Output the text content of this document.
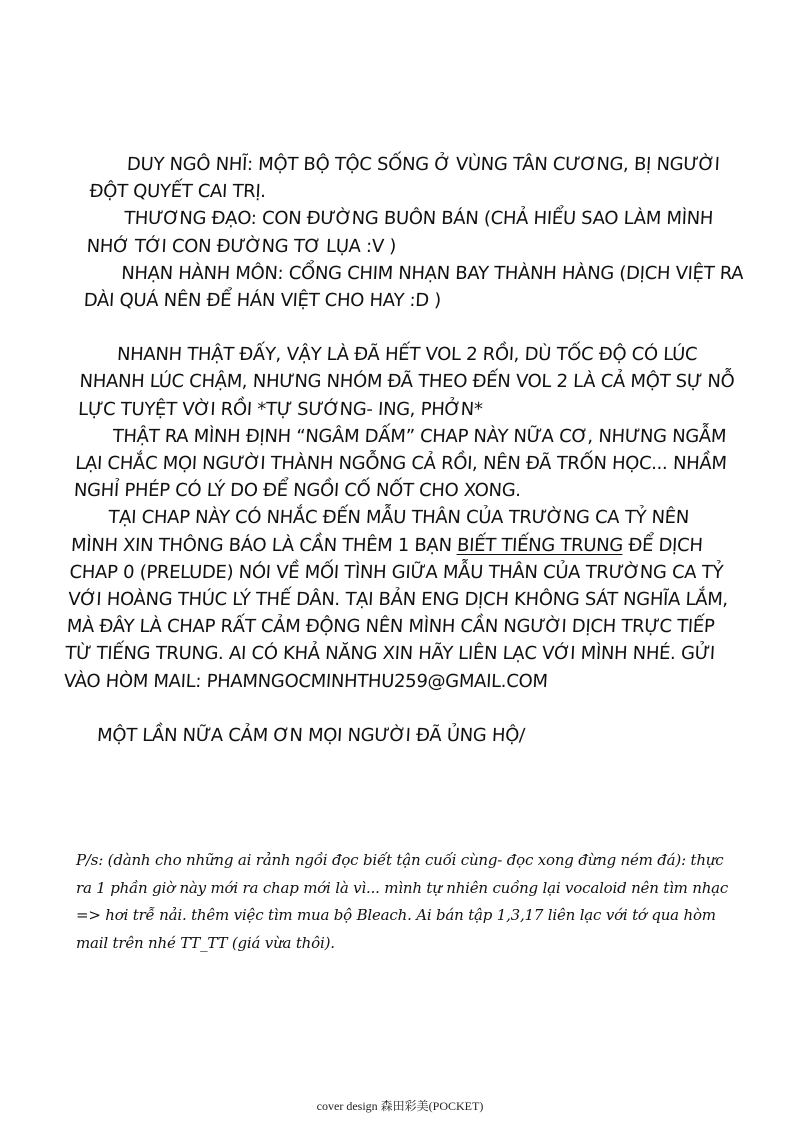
DUY NGÔ NHĨ: MỘT BỘ TỘC SỐNG Ở VÙNG TÂN CƯƠNG, BỊ NGƯỜI ĐỘT QUYẾT CAI TRỊ.

THƯƠNG ĐẠO: CON ĐƯỜNG BUÔN BÁN (CHẢ HIỂU SAO LÀM MÌNH NHỚ TỚI CON ĐƯỜNG TƠ LỤA :V )

NHẠN HÀNH MÔN: CỔNG CHIM NHẠN BAY THÀNH HÀNG (DỊCH VIỆT RA DÀI QUÁ NÊN ĐỂ HÁN VIỆT CHO HAY :D )

NHANH THẬT ĐẤY, VẬY LÀ ĐÃ HẾT VOL 2 RỒI, DÙ TỐC ĐỘ CÓ LÚC NHANH LÚC CHẬM, NHƯNG NHÓM ĐÃ THEO ĐẾN VOL 2 LÀ CẢ MỘT SỰ NỖ LỰC TUYỆT VỜI RỒI *TỰ SƯỚNG- ING, PHỞN*

THẬT RA MÌNH ĐỊNH “NGÂM DẤM” CHAP NÀY NỮA CƠ, NHƯNG NGẪM LẠI CHẮC MỌI NGƯỜI THÀNH NGỖNG CẢ RỒI, NÊN ĐÃ TRỐN HỌC... NHẦM NGHỈ PHÉP CÓ LÝ DO ĐỂ NGỒI CỐ NỐT CHO XONG.

TẠI CHAP NÀY CÓ NHẮC ĐẾN MẪU THÂN CỦA TRƯỜNG CA TỶ NÊN MÌNH XIN THÔNG BÁO LÀ CẦN THÊM 1 BẠN BIẾT TIẾNG TRUNG ĐỂ DỊCH CHAP 0 (PRELUDE) NÓI VỀ MỐI TÌNH GIỮA MẪU THÂN CỦA TRƯỜNG CA TỶ VỚI HOÀNG THÚC LÝ THẾ DÂN. TẠI BẢN ENG DỊCH KHÔNG SÁT NGHĨA LẮM, MÀ ĐÂY LÀ CHAP RẤT CẢM ĐỘNG NÊN MÌNH CẦN NGƯỜI DỊCH TRỰC TIẾP TỪ TIẾNG TRUNG. AI CÓ KHẢ NĂNG XIN HÃY LIÊN LẠC VỚI MÌNH NHÉ. GỬI VÀO HÒM MAIL: PHAMNGOCMINHTHU259@GMAIL.COM

MỘT LẦN NỮA CẢM ƠN MỌI NGƯỜI ĐÃ ỦNG HỘ/

P/s: (dành cho những ai rảnh ngồi đọc biết tận cuối cùng- đọc xong đừng ném đá): thực ra 1 phần giờ này mới ra chap mới là vì... mình tự nhiên cuồng lại vocaloid nên tìm nhạc => hơi trễ nải. thêm việc tìm mua bộ Bleach. Ai bán tập 1,3,17 liên lạc với tớ qua hòm mail trên nhé TT_TT (giá vừa thôi).

cover design 森田彩美(POCKET)
